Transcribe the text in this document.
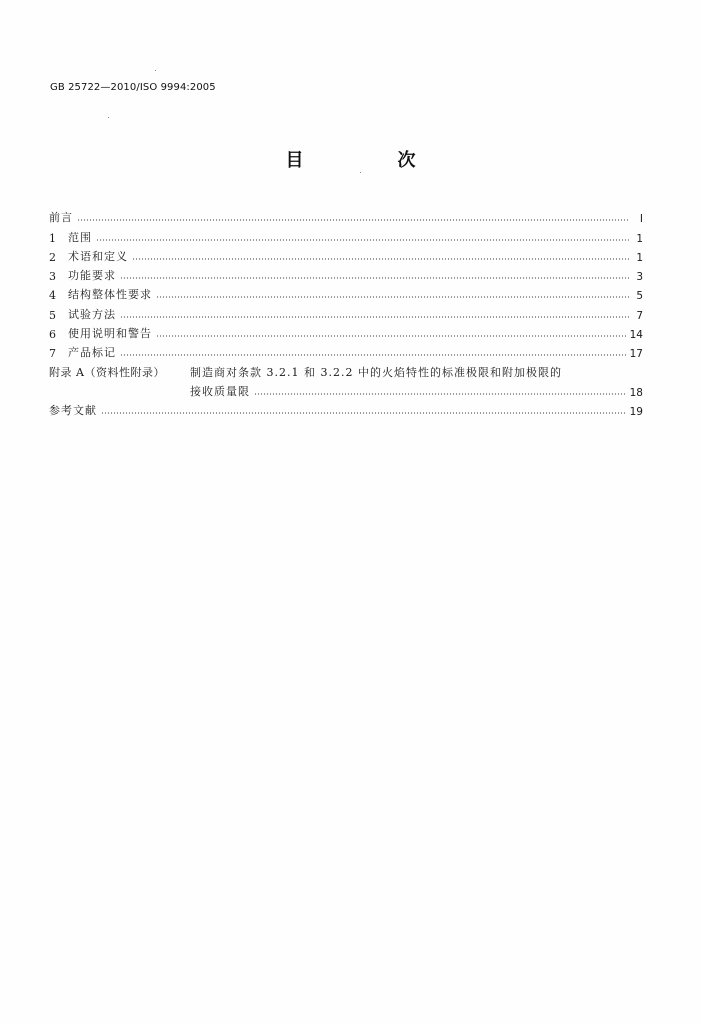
GB 25722—2010/ISO 9994:2005
目　次
前言	I
1	范围	1
2	术语和定义	1
3	功能要求	3
4	结构整体性要求	5
5	试验方法	7
6	使用说明和警告	14
7	产品标记	17
附录 A（资料性附录）	制造商对条款 3.2.1 和 3.2.2 中的火焰特性的标准极限和附加极限的
接收质量限	18
参考文献	19
